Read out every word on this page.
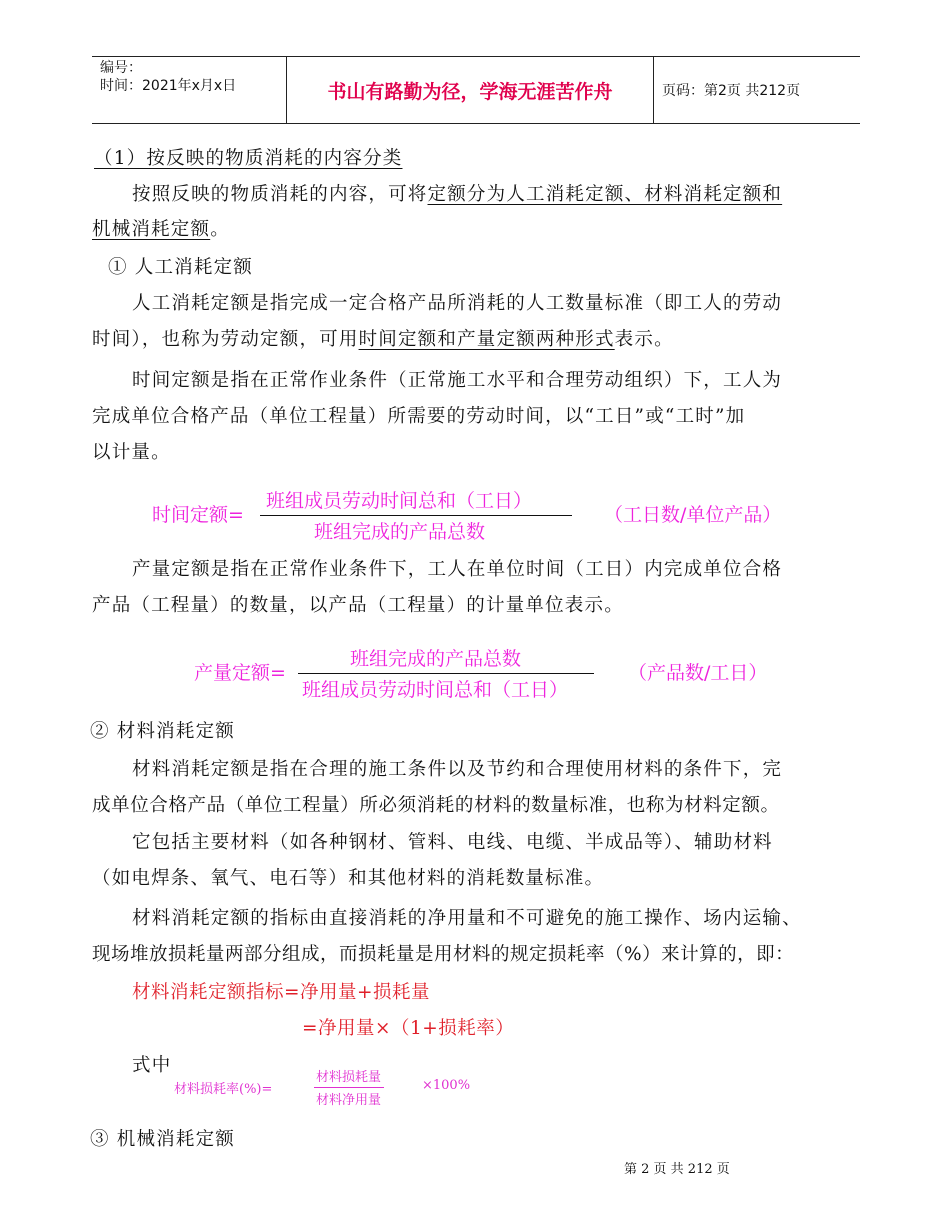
编号：
时间：2021年x月x日	书山有路勤为径，学海无涯苦作舟	页码：第2页 共212页
（1）按反映的物质消耗的内容分类
按照反映的物质消耗的内容，可将定额分为人工消耗定额、材料消耗定额和
机械消耗定额。
① 人工消耗定额
人工消耗定额是指完成一定合格产品所消耗的人工数量标准（即工人的劳动
时间），也称为劳动定额，可用时间定额和产量定额两种形式表示。
时间定额是指在正常作业条件（正常施工水平和合理劳动组织）下，工人为
完成单位合格产品（单位工程量）所需要的劳动时间，以“工日”或“工时”加
以计量。
时间定额=
班组成员劳动时间总和（工日）
班组完成的产品总数
（工日数/单位产品）
产量定额是指在正常作业条件下，工人在单位时间（工日）内完成单位合格
产品（工程量）的数量，以产品（工程量）的计量单位表示。
产量定额=
班组完成的产品总数
班组成员劳动时间总和（工日）
（产品数/工日）
② 材料消耗定额
材料消耗定额是指在合理的施工条件以及节约和合理使用材料的条件下，完
成单位合格产品（单位工程量）所必须消耗的材料的数量标准，也称为材料定额。
它包括主要材料（如各种钢材、管料、电线、电缆、半成品等）、辅助材料
（如电焊条、氧气、电石等）和其他材料的消耗数量标准。
材料消耗定额的指标由直接消耗的净用量和不可避免的施工操作、场内运输、
现场堆放损耗量两部分组成，而损耗量是用材料的规定损耗率（%）来计算的，即：
材料消耗定额指标=净用量+损耗量
=净用量×（1+损耗率）
式中
材料损耗率(%)=
材料损耗量
材料净用量
×100%
③ 机械消耗定额
第 2 页 共 212 页
